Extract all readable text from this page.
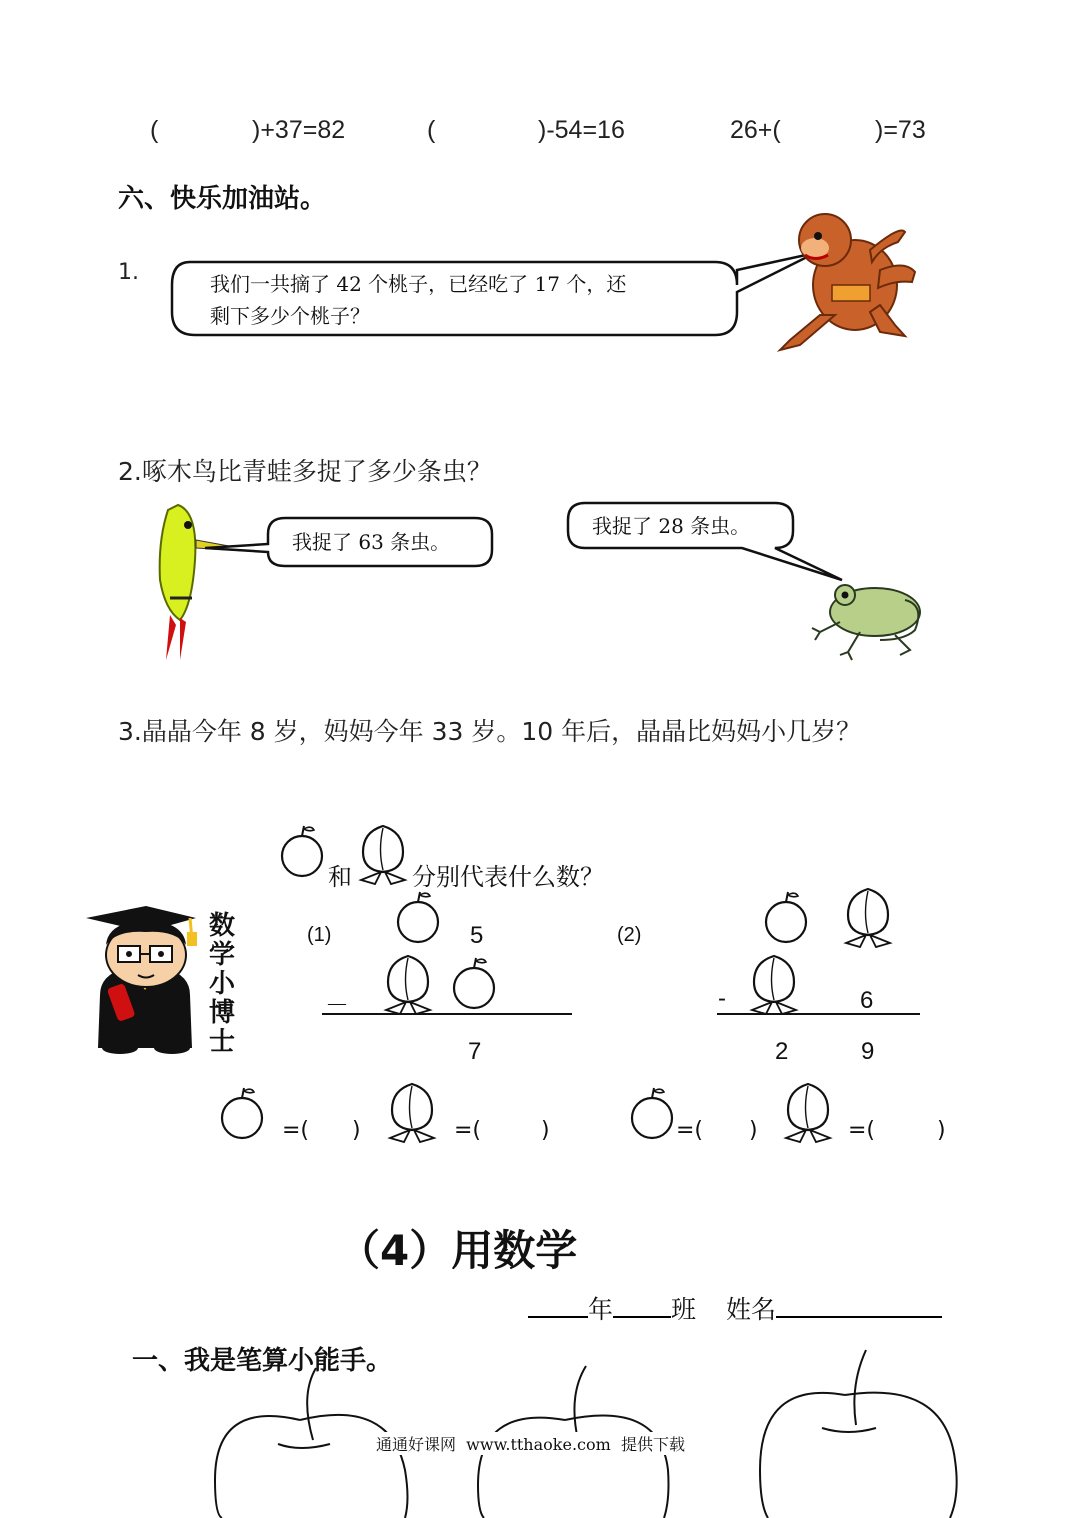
(	)+37=82	(	)-54=16	26+(	)=73
六、快乐加油站。
1.	我们一共摘了 42 个桃子，已经吃了 17 个，还
剩下多少个桃子？
2.啄木鸟比青蛙多捉了多少条虫？
我捉了 63 条虫。
我捉了 28 条虫。
3.晶晶今年 8 岁，妈妈今年 33 岁。10 年后，晶晶比妈妈小几岁？
和	分别代表什么数？
数
学
小
博
士
(1)	5
－
7
(2)
-	6
2	9
=( )	=(	)	=( )	=(	)
（4）用数学
年 班 姓名
一、我是笔算小能手。
通通好课网  www.tthaoke.com  提供下载
